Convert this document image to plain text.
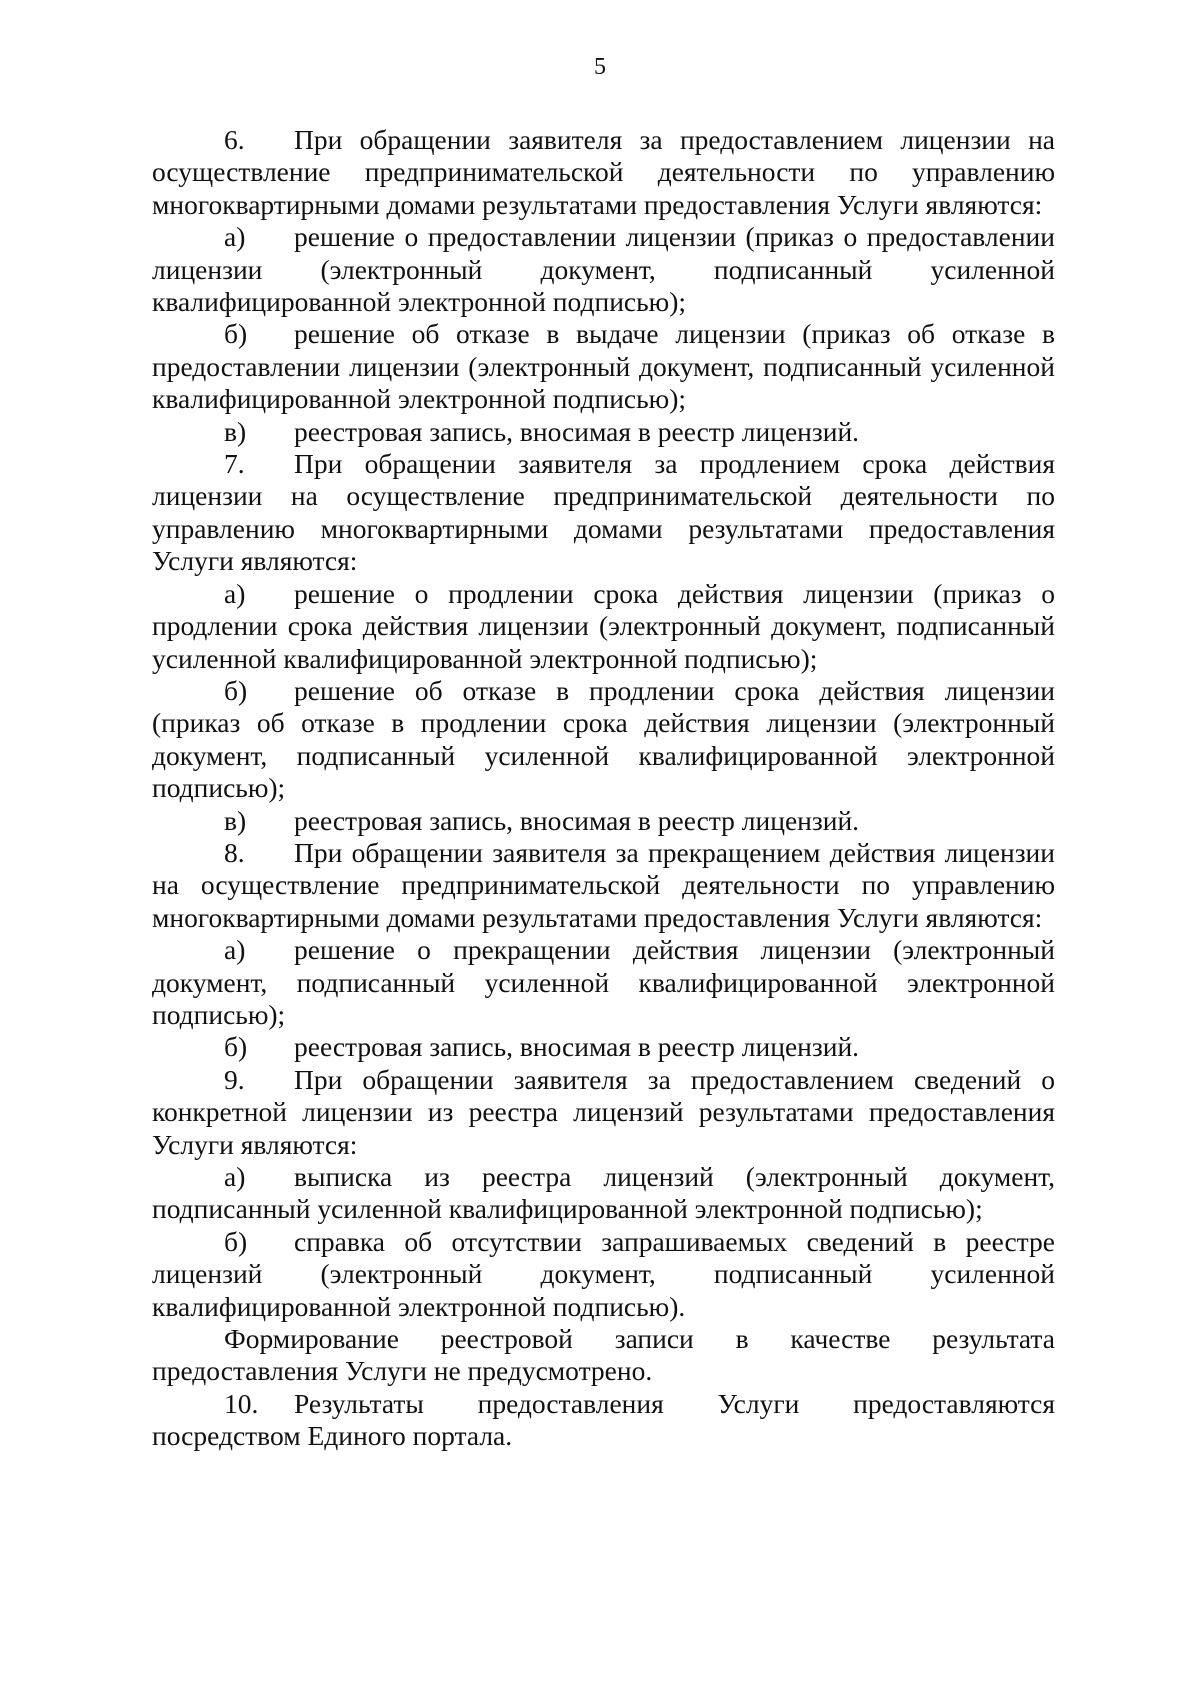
5

6. При обращении заявителя за предоставлением лицензии на осуществление предпринимательской деятельности по управлению многоквартирными домами результатами предоставления Услуги являются:

а) решение о предоставлении лицензии (приказ о предоставлении лицензии (электронный документ, подписанный усиленной квалифицированной электронной подписью);

б) решение об отказе в выдаче лицензии (приказ об отказе в предоставлении лицензии (электронный документ, подписанный усиленной квалифицированной электронной подписью);

в) реестровая запись, вносимая в реестр лицензий.

7. При обращении заявителя за продлением срока действия лицензии на осуществление предпринимательской деятельности по управлению многоквартирными домами результатами предоставления Услуги являются:

а) решение о продлении срока действия лицензии (приказ о продлении срока действия лицензии (электронный документ, подписанный усиленной квалифицированной электронной подписью);

б) решение об отказе в продлении срока действия лицензии (приказ об отказе в продлении срока действия лицензии (электронный документ, подписанный усиленной квалифицированной электронной подписью);

в) реестровая запись, вносимая в реестр лицензий.

8. При обращении заявителя за прекращением действия лицензии на осуществление предпринимательской деятельности по управлению многоквартирными домами результатами предоставления Услуги являются:

а) решение о прекращении действия лицензии (электронный документ, подписанный усиленной квалифицированной электронной подписью);

б) реестровая запись, вносимая в реестр лицензий.

9. При обращении заявителя за предоставлением сведений о конкретной лицензии из реестра лицензий результатами предоставления Услуги являются:

а) выписка из реестра лицензий (электронный документ, подписанный усиленной квалифицированной электронной подписью);

б) справка об отсутствии запрашиваемых сведений в реестре лицензий (электронный документ, подписанный усиленной квалифицированной электронной подписью).

Формирование реестровой записи в качестве результата предоставления Услуги не предусмотрено.

10. Результаты предоставления Услуги предоставляются посредством Единого портала.
